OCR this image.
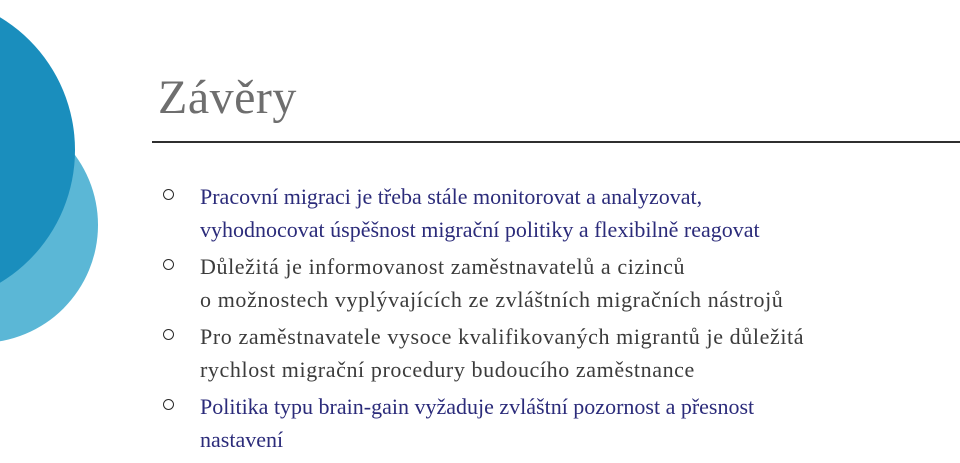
Závěry
Pracovní migraci je třeba stále monitorovat a analyzovat,
vyhodnocovat úspěšnost migrační politiky a flexibilně reagovat
Důležitá je informovanost zaměstnavatelů a cizinců
o možnostech vyplývajících ze zvláštních migračních nástrojů
Pro zaměstnavatele vysoce kvalifikovaných migrantů je důležitá
rychlost migrační procedury budoucího zaměstnance
Politika typu brain-gain vyžaduje zvláštní pozornost a přesnost
nastavení
